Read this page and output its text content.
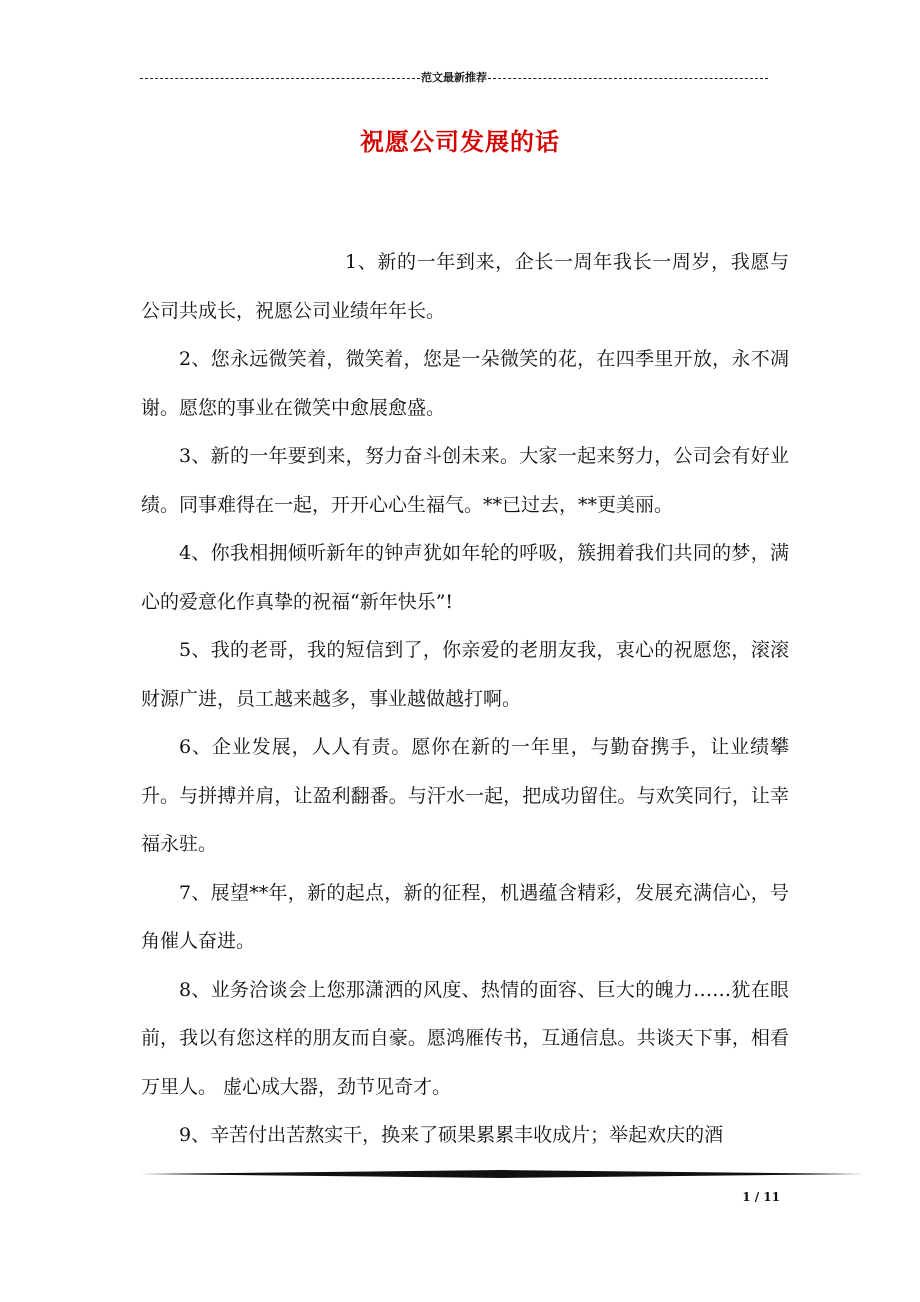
范文最新推荐
祝愿公司发展的话

1、新的一年到来，企长一周年我长一周岁，我愿与公司共成长，祝愿公司业绩年年长。

2、您永远微笑着，微笑着，您是一朵微笑的花，在四季里开放，永不凋谢。愿您的事业在微笑中愈展愈盛。

3、新的一年要到来，努力奋斗创未来。大家一起来努力，公司会有好业绩。同事难得在一起，开开心心生福气。**已过去，**更美丽。

4、你我相拥倾听新年的钟声犹如年轮的呼吸，簇拥着我们共同的梦，满心的爱意化作真挚的祝福“新年快乐”!

5、我的老哥，我的短信到了，你亲爱的老朋友我，衷心的祝愿您，滚滚财源广进，员工越来越多，事业越做越打啊。

6、企业发展，人人有责。愿你在新的一年里，与勤奋携手，让业绩攀升。与拼搏并肩，让盈利翻番。与汗水一起，把成功留住。与欢笑同行，让幸福永驻。

7、展望**年，新的起点，新的征程，机遇蕴含精彩，发展充满信心，号角催人奋进。

8、业务洽谈会上您那潇洒的风度、热情的面容、巨大的魄力……犹在眼前，我以有您这样的朋友而自豪。愿鸿雁传书，互通信息。共谈天下事，相看万里人。 虚心成大器，劲节见奇才。

9、辛苦付出苦熬实干，换来了硕果累累丰收成片；举起欢庆的酒

1 / 11
